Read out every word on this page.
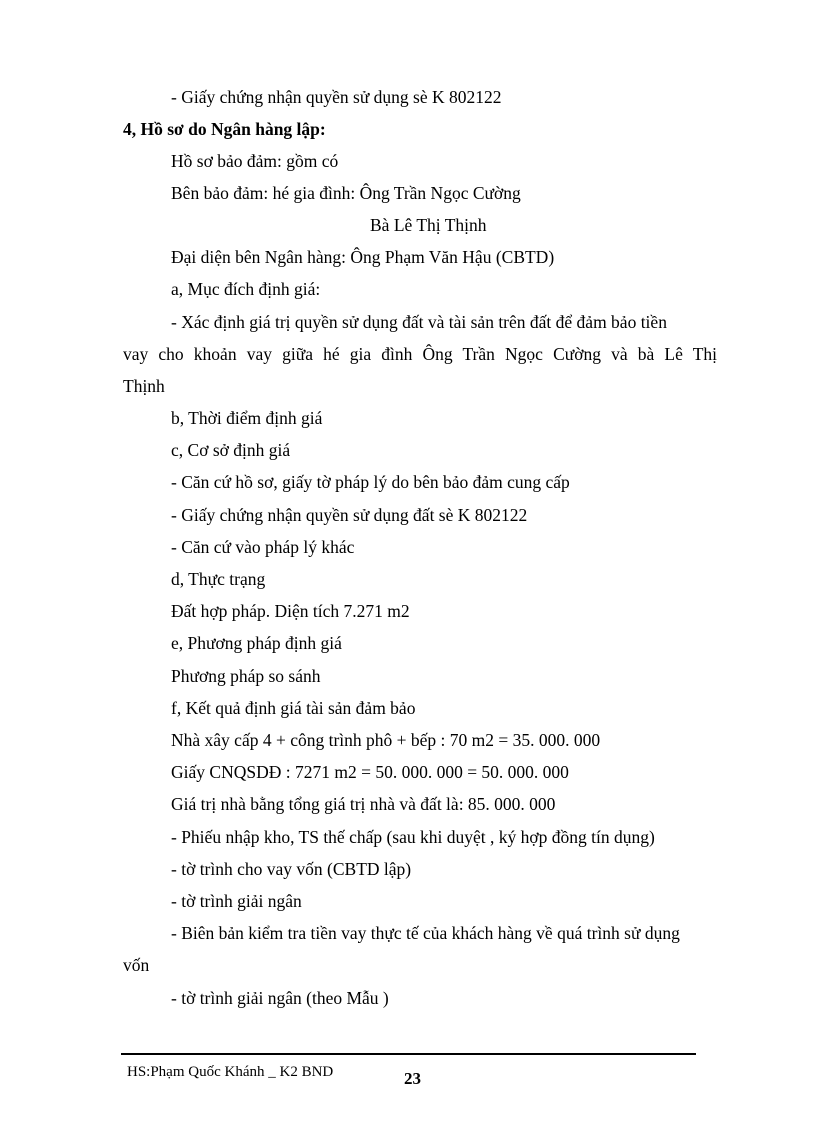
- Giấy chứng nhận quyền sử dụng sè K 802122
4, Hồ sơ do Ngân hàng lập:
Hồ sơ bảo đảm: gồm có
Bên bảo đảm: hé gia đình: Ông Trần Ngọc Cường
Bà Lê Thị Thịnh
Đại diện bên Ngân hàng: Ông Phạm Văn Hậu (CBTD)
a, Mục đích định giá:
- Xác định giá trị quyền sử dụng đất và tài sản trên đất để đảm bảo tiền
vay cho khoản vay giữa hé gia đình Ông Trần Ngọc Cường và bà Lê Thị
Thịnh
b, Thời điểm định giá
c, Cơ sở định giá
- Căn cứ hồ sơ, giấy tờ pháp lý do bên bảo đảm cung cấp
- Giấy chứng nhận quyền sử dụng đất sè K 802122
- Căn cứ vào pháp lý khác
d, Thực trạng
Đất hợp pháp. Diện tích 7.271 m2
e, Phương pháp định giá
Phương pháp so sánh
f, Kết quả định giá tài sản đảm bảo
Nhà xây cấp 4 + công trình phô + bếp : 70 m2 = 35. 000. 000
Giấy CNQSDĐ : 7271 m2 = 50. 000. 000 = 50. 000. 000
Giá trị nhà bằng tổng giá trị nhà và đất là: 85. 000. 000
- Phiếu nhập kho, TS thế chấp (sau khi duyệt , ký hợp đồng tín dụng)
- tờ trình cho vay vốn (CBTD lập)
- tờ trình giải ngân
- Biên bản kiểm tra tiền vay thực tế của khách hàng về quá trình sử dụng
vốn
- tờ trình giải ngân (theo Mẫu )
HS:Phạm Quốc Khánh _ K2 BND	23
